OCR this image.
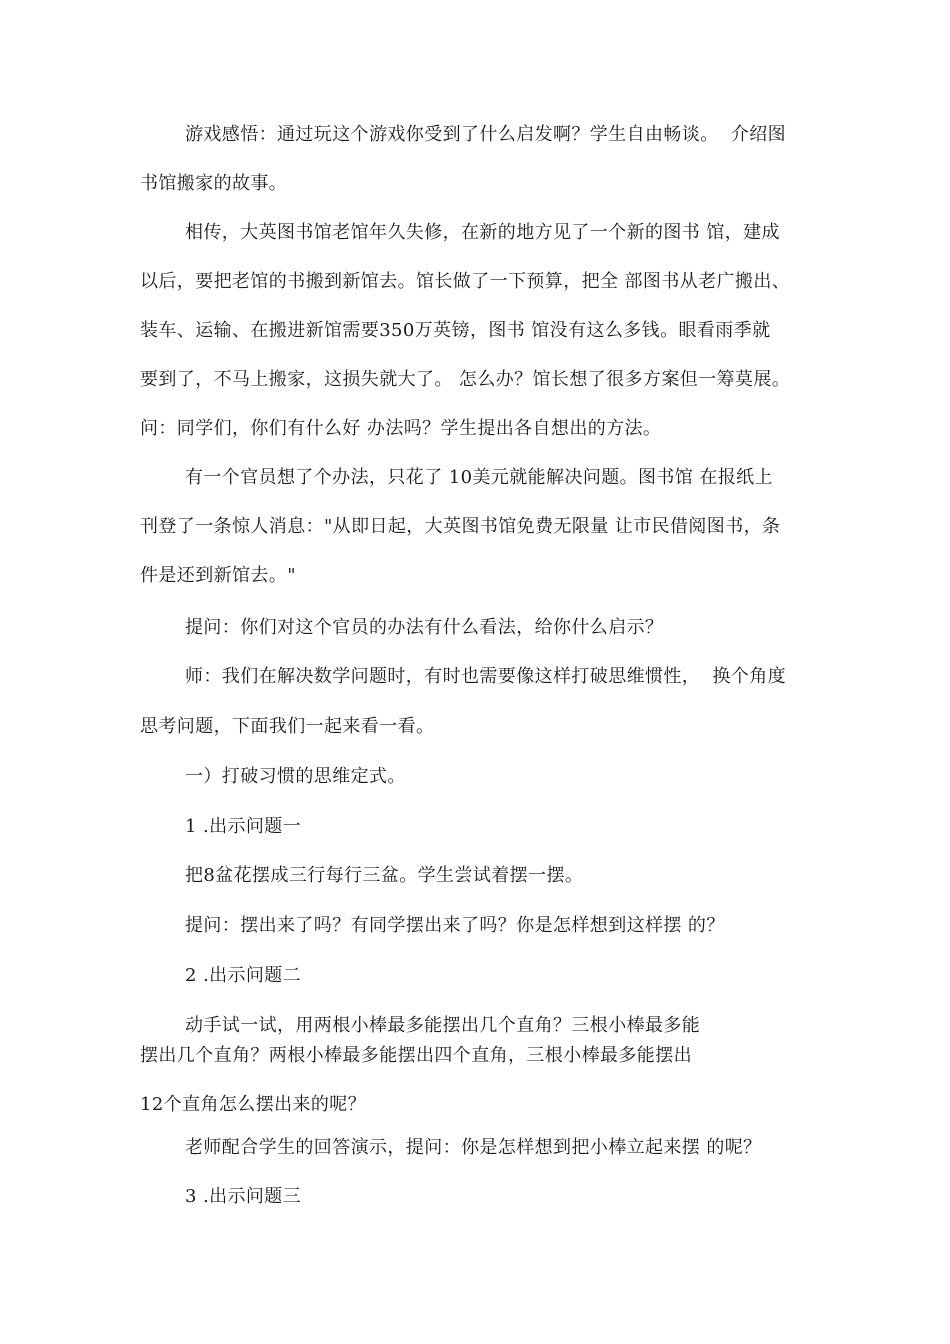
游戏感悟：通过玩这个游戏你受到了什么启发啊？学生自由畅谈。  介绍图
书馆搬家的故事。
相传，大英图书馆老馆年久失修，在新的地方见了一个新的图书 馆，建成
以后，要把老馆的书搬到新馆去。馆长做了一下预算，把全 部图书从老广搬出、
装车、运输、在搬进新馆需要350万英镑，图书 馆没有这么多钱。眼看雨季就
要到了，不马上搬家，这损失就大了。 怎么办？馆长想了很多方案但一筹莫展。
问：同学们，你们有什么好 办法吗？学生提出各自想出的方法。
有一个官员想了个办法，只花了 10美元就能解决问题。图书馆 在报纸上
刊登了一条惊人消息："从即日起，大英图书馆免费无限量 让市民借阅图书，条
件是还到新馆去。"
提问：你们对这个官员的办法有什么看法，给你什么启示？
师：我们在解决数学问题时，有时也需要像这样打破思维惯性，  换个角度
思考问题，下面我们一起来看一看。
一）打破习惯的思维定式。
1 .出示问题一
把8盆花摆成三行每行三盆。学生尝试着摆一摆。
提问：摆出来了吗？有同学摆出来了吗？你是怎样想到这样摆 的？
2 .出示问题二
动手试一试，用两根小棒最多能摆出几个直角？三根小棒最多能
摆出几个直角？两根小棒最多能摆出四个直角，三根小棒最多能摆出
12个直角怎么摆出来的呢？
老师配合学生的回答演示，提问：你是怎样想到把小棒立起来摆 的呢？
3 .出示问题三
